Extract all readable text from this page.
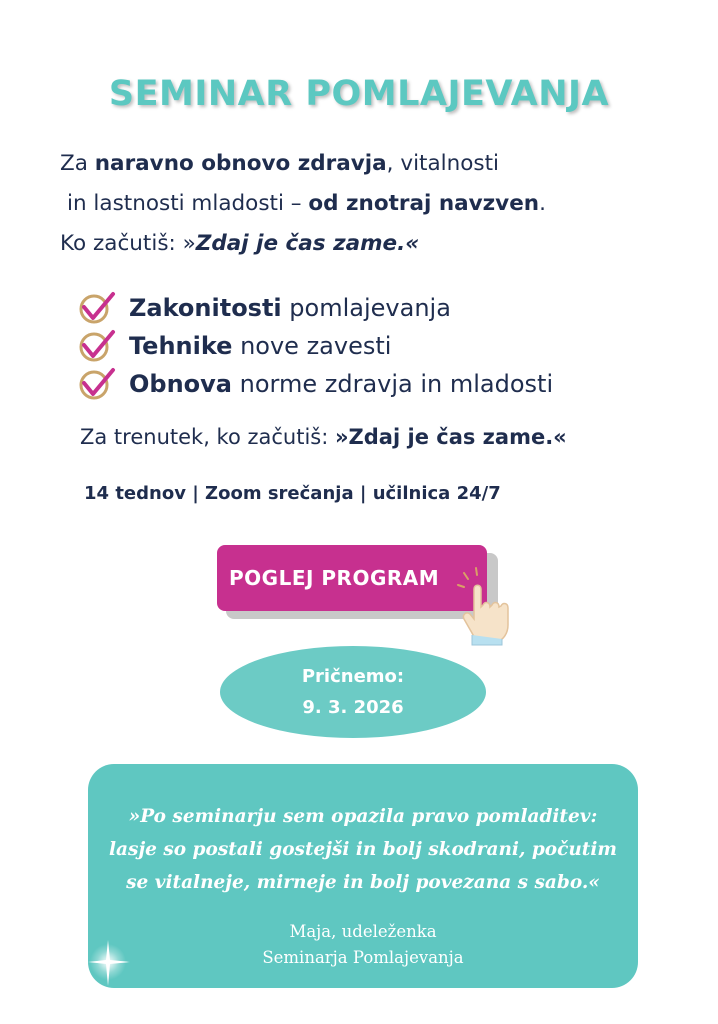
SEMINAR POMLAJEVANJA
Za naravno obnovo zdravja, vitalnosti
in lastnosti mladosti – od znotraj navzven.
Ko začutiš: »Zdaj je čas zame.«
Zakonitosti pomlajevanja
Tehnike nove zavesti
Obnova norme zdravja in mladosti
Za trenutek, ko začutiš: »Zdaj je čas zame.«
14 tednov | Zoom srečanja | učilnica 24/7
POGLEJ PROGRAM
Pričnemo:
9. 3. 2026
»Po seminarju sem opazila pravo pomladitev:
lasje so postali gostejši in bolj skodrani, počutim
se vitalneje, mirneje in bolj povezana s sabo.«
Maja, udeleženka
Seminarja Pomlajevanja
